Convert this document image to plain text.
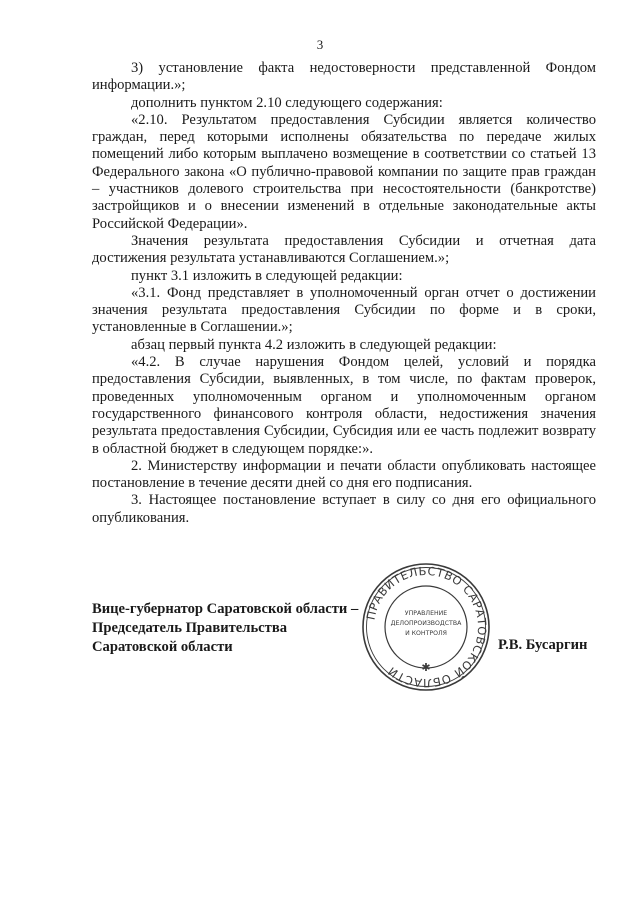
3

3) установление факта недостоверности представленной Фондом информации.»;

дополнить пунктом 2.10 следующего содержания:

«2.10. Результатом предоставления Субсидии является количество граждан, перед которыми исполнены обязательства по передаче жилых помещений либо которым выплачено возмещение в соответствии со статьей 13 Федерального закона «О публично-правовой компании по защите прав граждан – участников долевого строительства при несостоятельности (банкротстве) застройщиков и о внесении изменений в отдельные законодательные акты Российской Федерации».

Значения результата предоставления Субсидии и отчетная дата достижения результата устанавливаются Соглашением.»;

пункт 3.1 изложить в следующей редакции:

«3.1. Фонд представляет в уполномоченный орган отчет о достижении значения результата предоставления Субсидии по форме и в сроки, установленные в Соглашении.»;

абзац первый пункта 4.2 изложить в следующей редакции:

«4.2. В случае нарушения Фондом целей, условий и порядка предоставления Субсидии, выявленных, в том числе, по фактам проверок, проведенных уполномоченным органом и уполномоченным органом государственного финансового контроля области, недостижения значения результата предоставления Субсидии, Субсидия или ее часть подлежит возврату в областной бюджет в следующем порядке:».

2. Министерству информации и печати области опубликовать настоящее постановление в течение десяти дней со дня его подписания.

3. Настоящее постановление вступает в силу со дня его официального опубликования.

Вице-губернатор Саратовской области –
Председатель Правительства
Саратовской области	Р.В. Бусаргин
ПРАВИТЕЛЬСТВО САРАТОВСКОЙ ОБЛАСТИ
УПРАВЛЕНИЕ
ДЕЛОПРОИЗВОДСТВА
И КОНТРОЛЯ
✱
